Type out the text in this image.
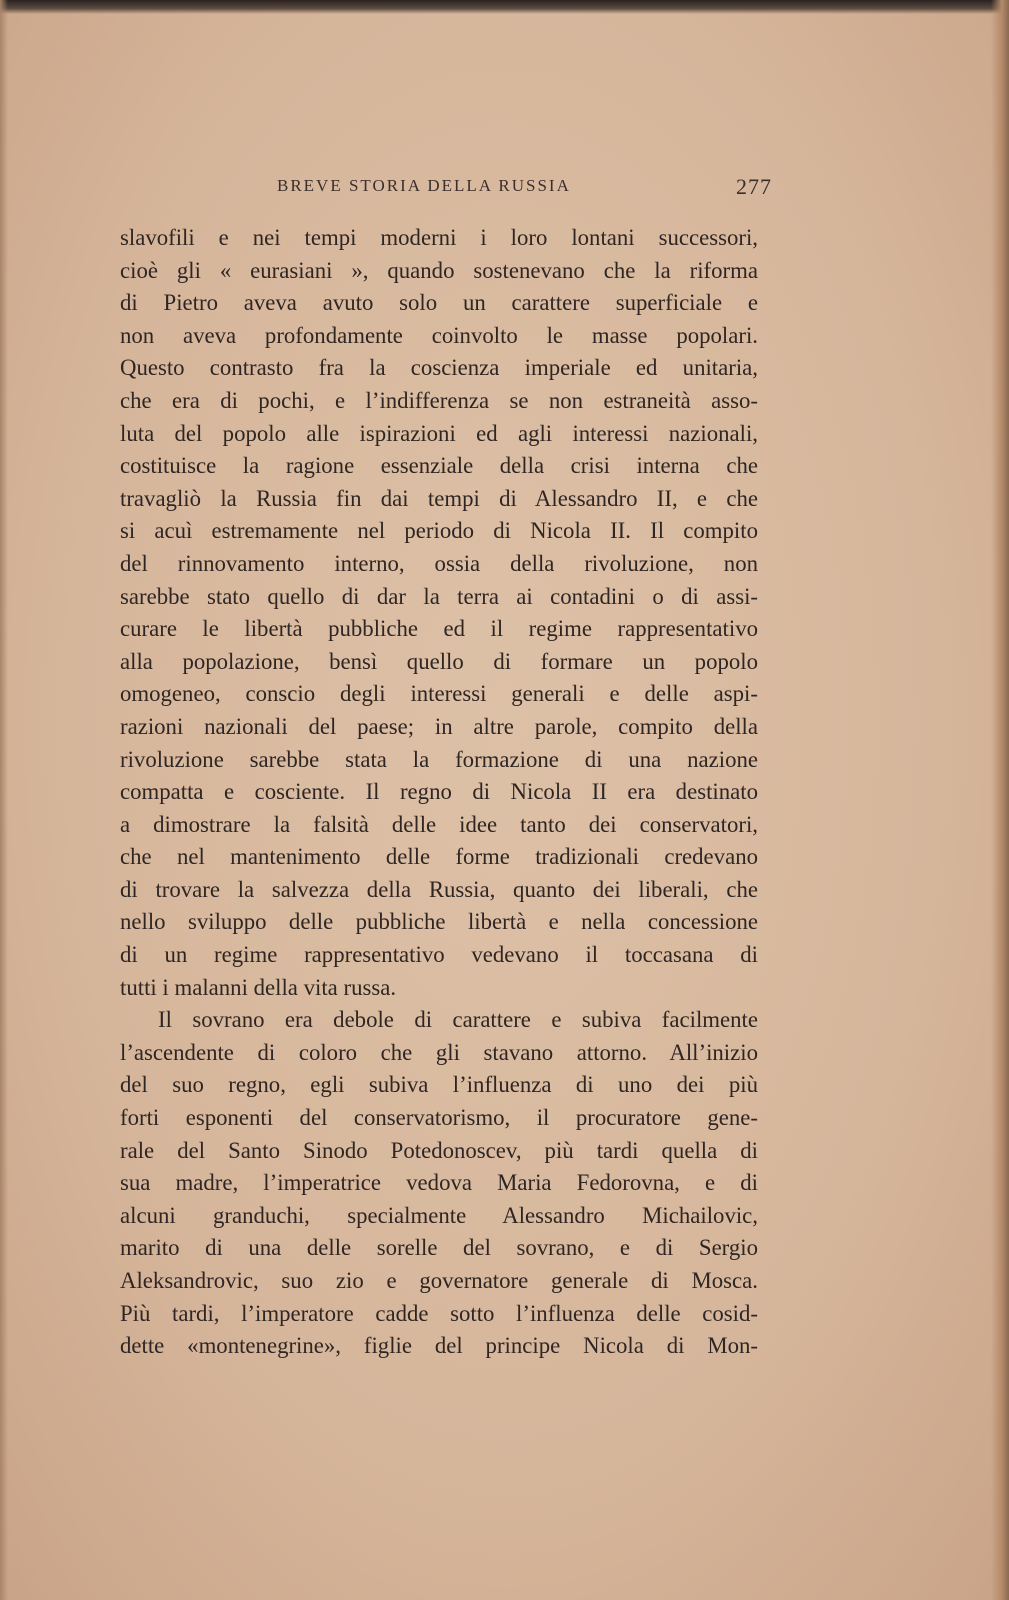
BREVE STORIA DELLA RUSSIA	277
slavofili e nei tempi moderni i loro lontani successori,
cioè gli « eurasiani », quando sostenevano che la riforma
di Pietro aveva avuto solo un carattere superficiale e
non aveva profondamente coinvolto le masse popolari.
Questo contrasto fra la coscienza imperiale ed unitaria,
che era di pochi, e l’indifferenza se non estraneità asso-
luta del popolo alle ispirazioni ed agli interessi nazionali,
costituisce la ragione essenziale della crisi interna che
travagliò la Russia fin dai tempi di Alessandro II, e che
si acuì estremamente nel periodo di Nicola II. Il compito
del rinnovamento interno, ossia della rivoluzione, non
sarebbe stato quello di dar la terra ai contadini o di assi-
curare le libertà pubbliche ed il regime rappresentativo
alla popolazione, bensì quello di formare un popolo
omogeneo, conscio degli interessi generali e delle aspi-
razioni nazionali del paese; in altre parole, compito della
rivoluzione sarebbe stata la formazione di una nazione
compatta e cosciente. Il regno di Nicola II era destinato
a dimostrare la falsità delle idee tanto dei conservatori,
che nel mantenimento delle forme tradizionali credevano
di trovare la salvezza della Russia, quanto dei liberali, che
nello sviluppo delle pubbliche libertà e nella concessione
di un regime rappresentativo vedevano il toccasana di
tutti i malanni della vita russa.
Il sovrano era debole di carattere e subiva facilmente
l’ascendente di coloro che gli stavano attorno. All’inizio
del suo regno, egli subiva l’influenza di uno dei più
forti esponenti del conservatorismo, il procuratore gene-
rale del Santo Sinodo Potedonoscev, più tardi quella di
sua madre, l’imperatrice vedova Maria Fedorovna, e di
alcuni granduchi, specialmente Alessandro Michailovic,
marito di una delle sorelle del sovrano, e di Sergio
Aleksandrovic, suo zio e governatore generale di Mosca.
Più tardi, l’imperatore cadde sotto l’influenza delle cosid-
dette «montenegrine», figlie del principe Nicola di Mon-
